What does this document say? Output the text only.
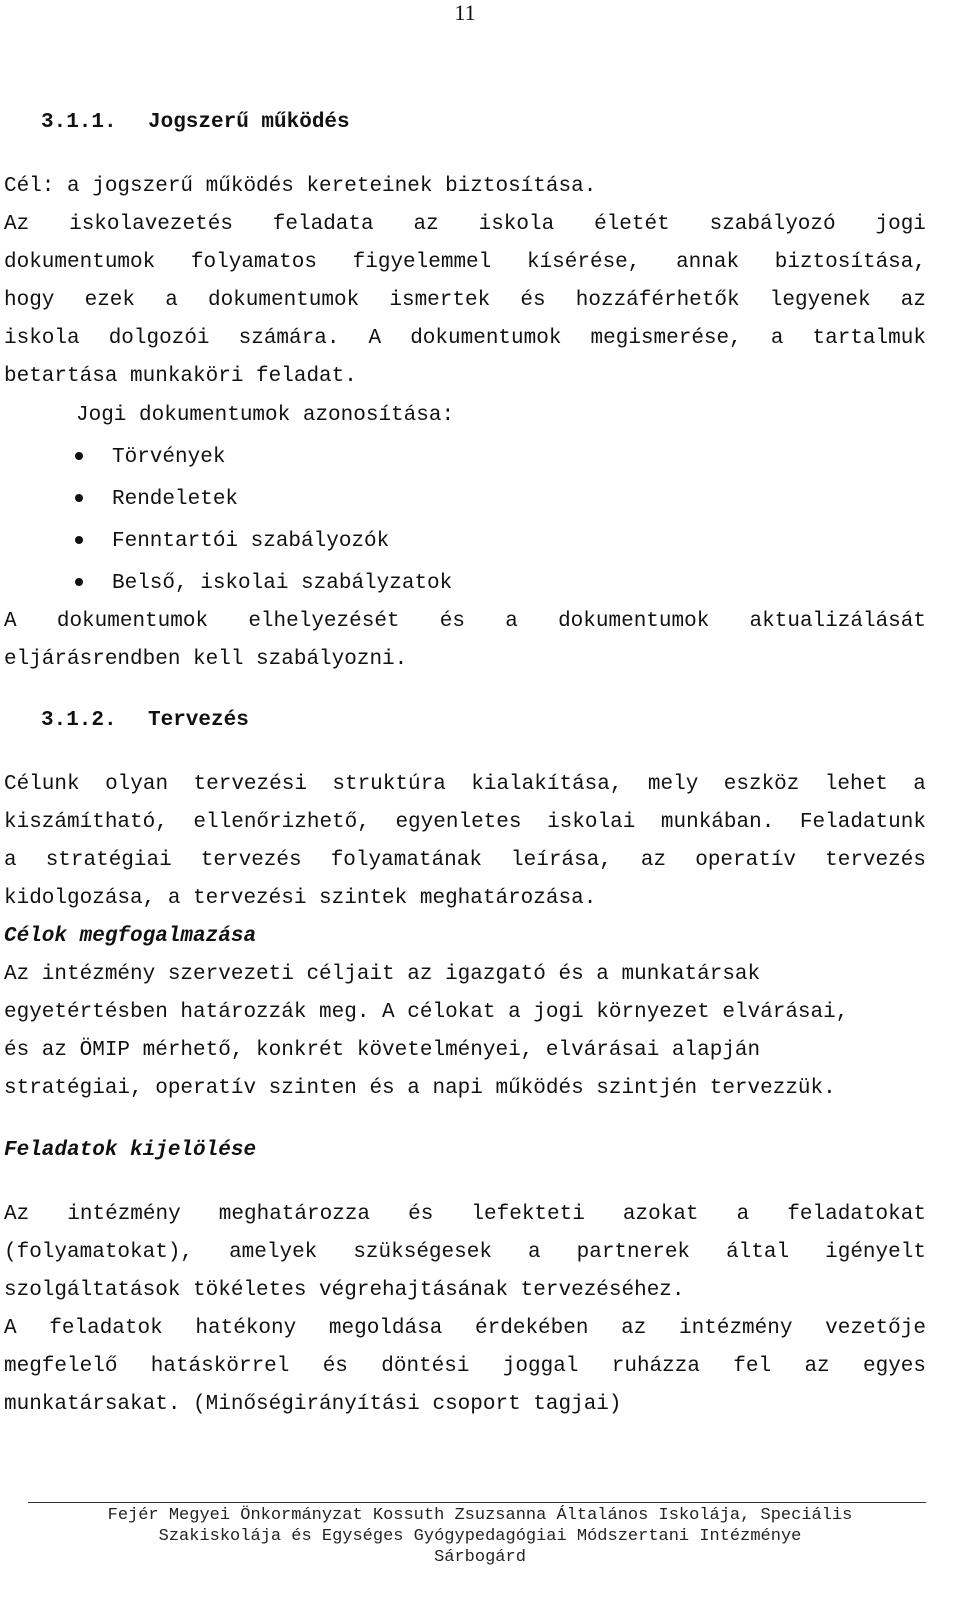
11
3.1.1. Jogszerű működés
Cél: a jogszerű működés kereteinek biztosítása.
Az iskolavezetés feladata az iskola életét szabályozó jogi
dokumentumok folyamatos figyelemmel kísérése, annak biztosítása,
hogy ezek a dokumentumok ismertek és hozzáférhetők legyenek az
iskola dolgozói számára. A dokumentumok megismerése, a tartalmuk
betartása munkaköri feladat.
Jogi dokumentumok azonosítása:
Törvények
Rendeletek
Fenntartói szabályozók
Belső, iskolai szabályzatok
A dokumentumok elhelyezését és a dokumentumok aktualizálását
eljárásrendben kell szabályozni.
3.1.2. Tervezés
Célunk olyan tervezési struktúra kialakítása, mely eszköz lehet a
kiszámítható, ellenőrizhető, egyenletes iskolai munkában. Feladatunk
a stratégiai tervezés folyamatának leírása, az operatív tervezés
kidolgozása, a tervezési szintek meghatározása.
Célok megfogalmazása
Az intézmény szervezeti céljait az igazgató és a munkatársak
egyetértésben határozzák meg. A célokat a jogi környezet elvárásai,
és az ÖMIP mérhető, konkrét követelményei, elvárásai alapján
stratégiai, operatív szinten és a napi működés szintjén tervezzük.
Feladatok kijelölése
Az intézmény meghatározza és lefekteti azokat a feladatokat
(folyamatokat), amelyek szükségesek a partnerek által igényelt
szolgáltatások tökéletes végrehajtásának tervezéséhez.
A feladatok hatékony megoldása érdekében az intézmény vezetője
megfelelő hatáskörrel és döntési joggal ruházza fel az egyes
munkatársakat. (Minőségirányítási csoport tagjai)
Fejér Megyei Önkormányzat Kossuth Zsuzsanna Általános Iskolája, Speciális
Szakiskolája és Egységes Gyógypedagógiai Módszertani Intézménye
Sárbogárd
